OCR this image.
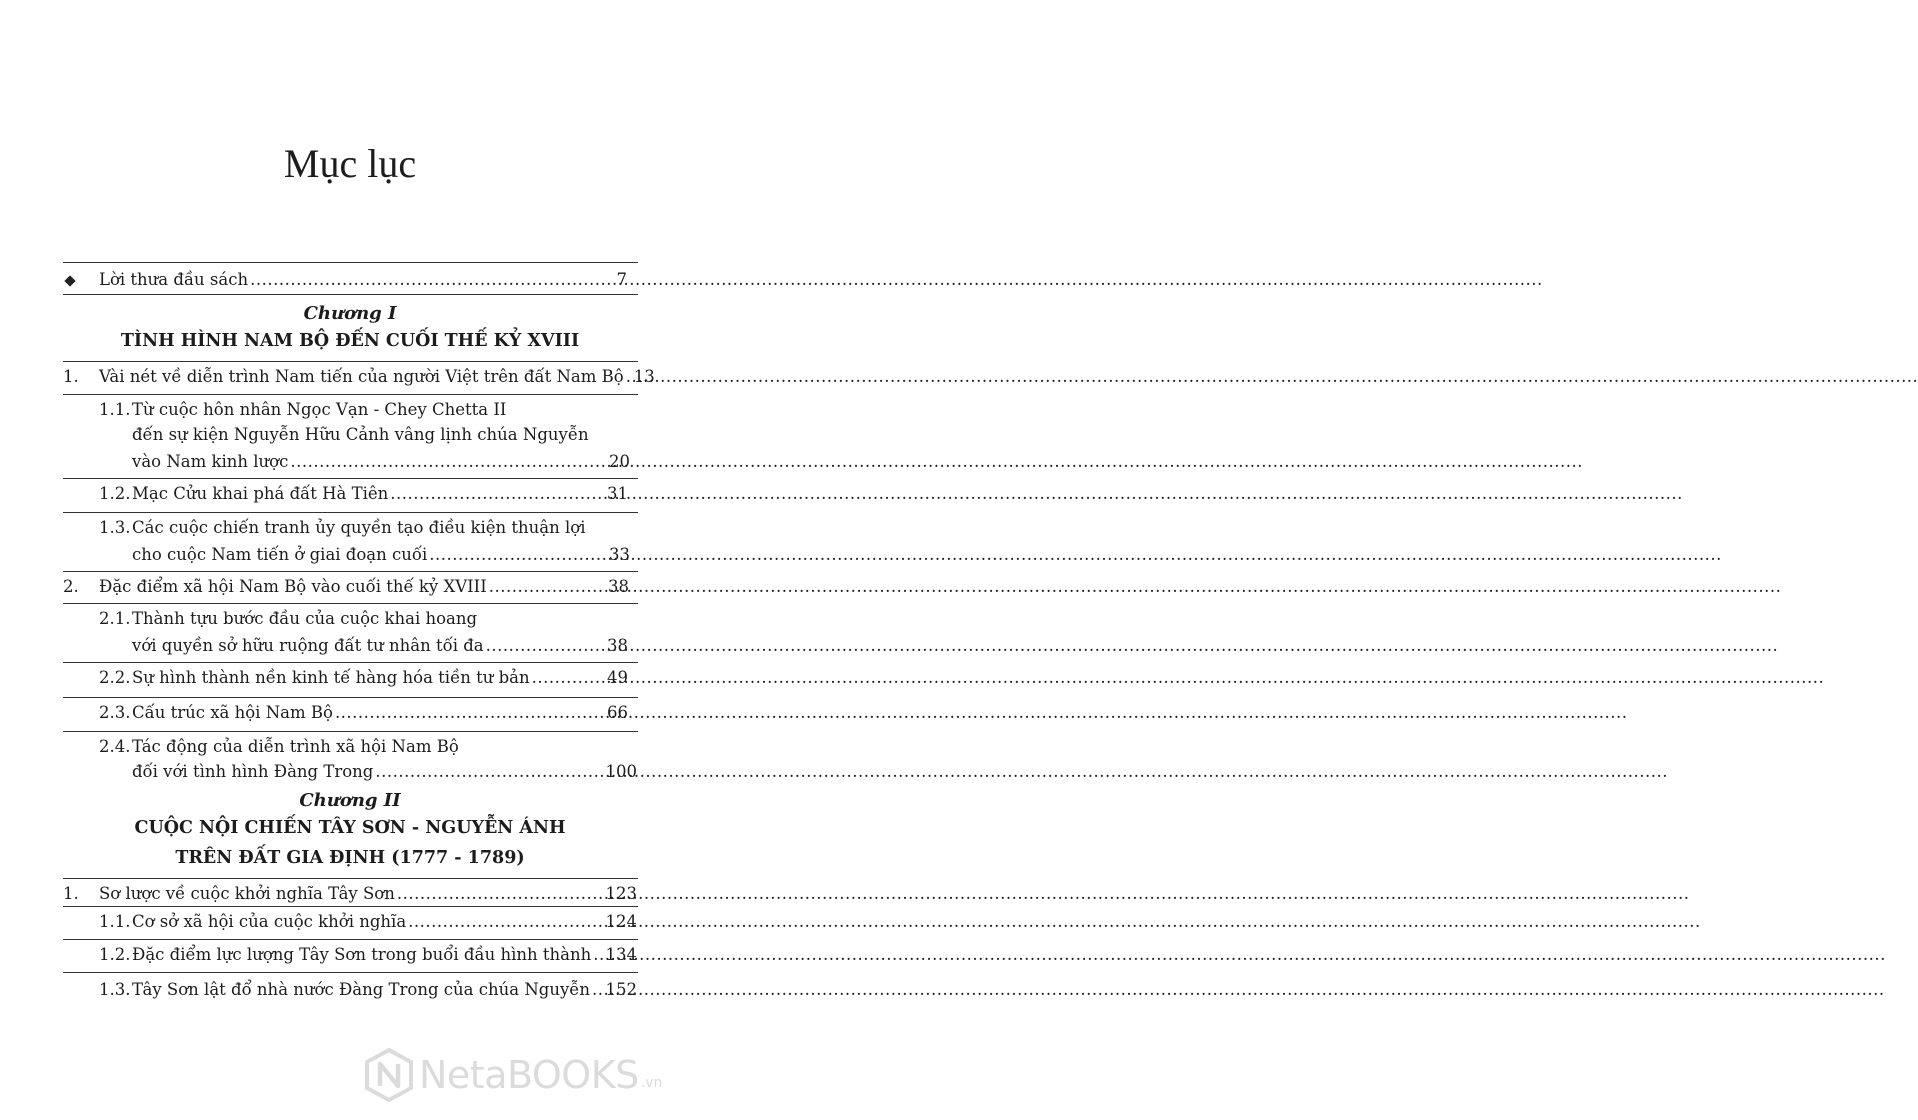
Mục lục
Lời thưa đầu sách .....	7
Chương I
TÌNH HÌNH NAM BỘ ĐẾN CUỐI THẾ KỶ XVIII
1. Vài nét về diễn trình Nam tiến của người Việt trên đất Nam Bộ ..... 13
1.1. Từ cuộc hôn nhân Ngọc Vạn - Chey Chetta II
đến sự kiện Nguyễn Hữu Cảnh vâng lịnh chúa Nguyễn
vào Nam kinh lược .....	20
1.2. Mạc Cửu khai phá đất Hà Tiên .....	31
1.3. Các cuộc chiến tranh ủy quyền tạo điều kiện thuận lợi
cho cuộc Nam tiến ở giai đoạn cuối .....	33
2. Đặc điểm xã hội Nam Bộ vào cuối thế kỷ XVIII .....	38
2.1. Thành tựu bước đầu của cuộc khai hoang
với quyền sở hữu ruộng đất tư nhân tối đa .....	38
2.2. Sự hình thành nền kinh tế hàng hóa tiền tư bản .....	49
2.3. Cấu trúc xã hội Nam Bộ .....	66
2.4. Tác động của diễn trình xã hội Nam Bộ
đối với tình hình Đàng Trong .....	100
Chương II
CUỘC NỘI CHIẾN TÂY SƠN - NGUYỄN ÁNH
TRÊN ĐẤT GIA ĐỊNH (1777 - 1789)
1. Sơ lược về cuộc khởi nghĩa Tây Sơn .....	123
1.1. Cơ sở xã hội của cuộc khởi nghĩa .....	124
1.2. Đặc điểm lực lượng Tây Sơn trong buổi đầu hình thành ..... 134
1.3. Tây Sơn lật đổ nhà nước Đàng Trong của chúa Nguyễn ..... 152
NetaBOOKS .vn
